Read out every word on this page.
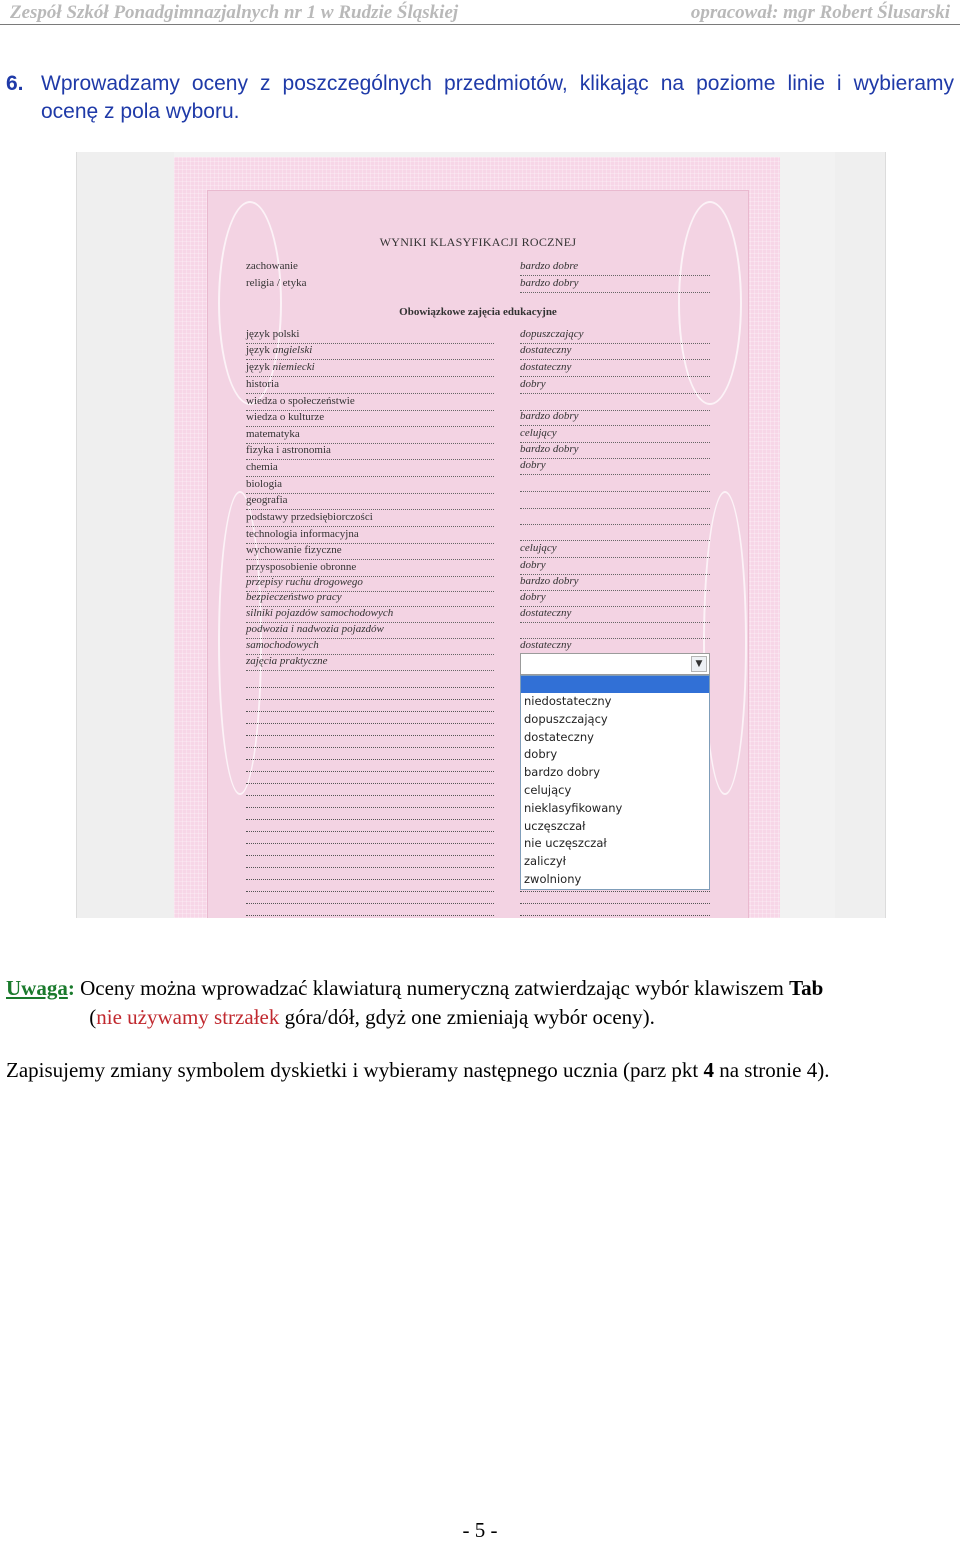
Zespół Szkół Ponadgimnazjalnych nr 1 w Rudzie Śląskiej	opracował: mgr Robert Ślusarski
6. Wprowadzamy oceny z poszczególnych przedmiotów, klikając na poziome linie i wybieramy ocenę z pola wyboru.
WYNIKI KLASYFIKACJI ROCZNEJ
zachowanie	bardzo dobre
religia / etyka	bardzo dobry
Obowiązkowe zajęcia edukacyjne
język polski	dopuszczający
język angielski	dostateczny
język niemiecki	dostateczny
historia	dobry
wiedza o społeczeństwie
wiedza o kulturze	bardzo dobry
matematyka	celujący
fizyka i astronomia	bardzo dobry
chemia	dobry
biologia
geografia
podstawy przedsiębiorczości
technologia informacyjna
wychowanie fizyczne	celujący
przysposobienie obronne	dobry
przepisy ruchu drogowego	bardzo dobry
bezpieczeństwo pracy	dobry
silniki pojazdów samochodowych	dostateczny
podwozia i nadwozia pojazdów
samochodowych	dostateczny
zajęcia praktyczne	▼
niedostateczny
dopuszczający
dostateczny
dobry
bardzo dobry
celujący
nieklasyfikowany
uczęszczał
nie uczęszczał
zaliczył
zwolniony
Uwaga: Oceny można wprowadzać klawiaturą numeryczną zatwierdzając wybór klawiszem Tab
(nie używamy strzałek góra/dół, gdyż one zmieniają wybór oceny).
Zapisujemy zmiany symbolem dyskietki i wybieramy następnego ucznia (parz pkt 4 na stronie 4).
- 5 -
